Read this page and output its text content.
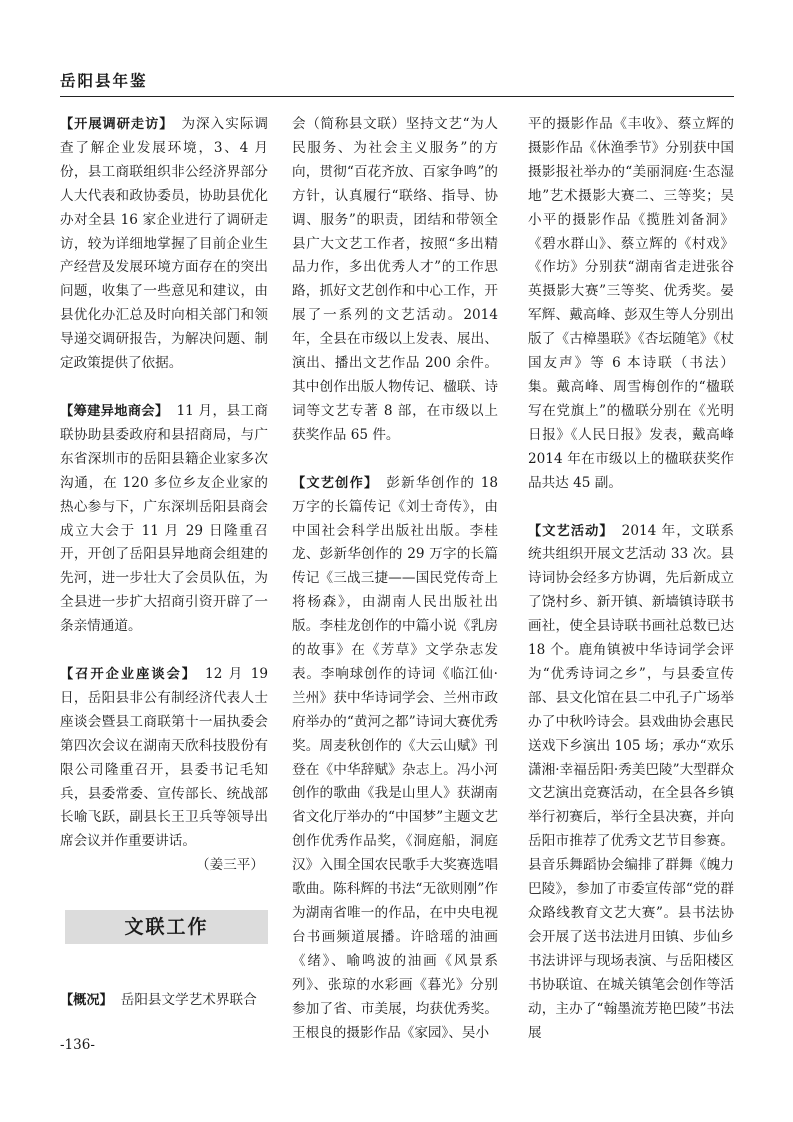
岳阳县年鉴

【开展调研走访】 为深入实际调查了解企业发展环境，3、4 月份，县工商联组织非公经济界部分人大代表和政协委员，协助县优化办对全县 16 家企业进行了调研走访，较为详细地掌握了目前企业生产经营及发展环境方面存在的突出问题，收集了一些意见和建议，由县优化办汇总及时向相关部门和领导递交调研报告，为解决问题、制定政策提供了依据。

【筹建异地商会】 11 月，县工商联协助县委政府和县招商局，与广东省深圳市的岳阳县籍企业家多次沟通，在 120 多位乡友企业家的热心参与下，广东深圳岳阳县商会成立大会于 11 月 29 日隆重召开，开创了岳阳县异地商会组建的先河，进一步壮大了会员队伍，为全县进一步扩大招商引资开辟了一条亲情通道。

【召开企业座谈会】 12 月 19 日，岳阳县非公有制经济代表人士座谈会暨县工商联第十一届执委会第四次会议在湖南天欣科技股份有限公司隆重召开，县委书记毛知兵，县委常委、宣传部长、统战部长喻飞跃，副县长王卫兵等领导出席会议并作重要讲话。

（姜三平）

文联工作

【概况】 岳阳县文学艺术界联合

会（简称县文联）坚持文艺“为人民服务、为社会主义服务”的方向，贯彻“百花齐放、百家争鸣”的方针，认真履行“联络、指导、协调、服务”的职责，团结和带领全县广大文艺工作者，按照“多出精品力作，多出优秀人才”的工作思路，抓好文艺创作和中心工作，开展了一系列的文艺活动。2014 年，全县在市级以上发表、展出、演出、播出文艺作品 200 余件。其中创作出版人物传记、楹联、诗词等文艺专著 8 部，在市级以上获奖作品 65 件。

【文艺创作】 彭新华创作的 18 万字的长篇传记《刘士奇传》，由中国社会科学出版社出版。李桂龙、彭新华创作的 29 万字的长篇传记《三战三捷——国民党传奇上将杨森》，由湖南人民出版社出版。李桂龙创作的中篇小说《乳房的故事》在《芳草》文学杂志发表。李响球创作的诗词《临江仙·兰州》获中华诗词学会、兰州市政府举办的“黄河之都”诗词大赛优秀奖。周麦秋创作的《大云山赋》刊登在《中华辞赋》杂志上。冯小河创作的歌曲《我是山里人》获湖南省文化厅举办的“中国梦”主题文艺创作优秀作品奖，《洞庭船，洞庭汉》入围全国农民歌手大奖赛选唱歌曲。陈科辉的书法“无欲则刚”作为湖南省唯一的作品，在中央电视台书画频道展播。许晗瑶的油画《绪》、喻鸣波的油画《风景系列》、张琼的水彩画《暮光》分别参加了省、市美展，均获优秀奖。王根良的摄影作品《家园》、吴小

平的摄影作品《丰收》、蔡立辉的摄影作品《休渔季节》分别获中国摄影报社举办的“美丽洞庭·生态湿地”艺术摄影大赛二、三等奖；吴小平的摄影作品《揽胜刘备洞》《碧水群山》、蔡立辉的《村戏》《作坊》分别获“湖南省走进张谷英摄影大赛”三等奖、优秀奖。晏军辉、戴高峰、彭双生等人分别出版了《古樟墨联》《杏坛随笔》《杖国友声》等 6 本诗联（书法）集。戴高峰、周雪梅创作的“楹联写在党旗上”的楹联分别在《光明日报》《人民日报》发表，戴高峰 2014 年在市级以上的楹联获奖作品共达 45 副。

【文艺活动】 2014 年，文联系统共组织开展文艺活动 33 次。县诗词协会经多方协调，先后新成立了饶村乡、新开镇、新墙镇诗联书画社，使全县诗联书画社总数已达 18 个。鹿角镇被中华诗词学会评为“优秀诗词之乡”，与县委宣传部、县文化馆在县二中孔子广场举办了中秋吟诗会。县戏曲协会惠民送戏下乡演出 105 场；承办“欢乐潇湘·幸福岳阳·秀美巴陵”大型群众文艺演出竞赛活动，在全县各乡镇举行初赛后，举行全县决赛，并向岳阳市推荐了优秀文艺节目参赛。县音乐舞蹈协会编排了群舞《魄力巴陵》，参加了市委宣传部“党的群众路线教育文艺大赛”。县书法协会开展了送书法进月田镇、步仙乡书法讲评与现场表演、与岳阳楼区书协联谊、在城关镇笔会创作等活动，主办了“翰墨流芳艳巴陵”书法展

-136-
